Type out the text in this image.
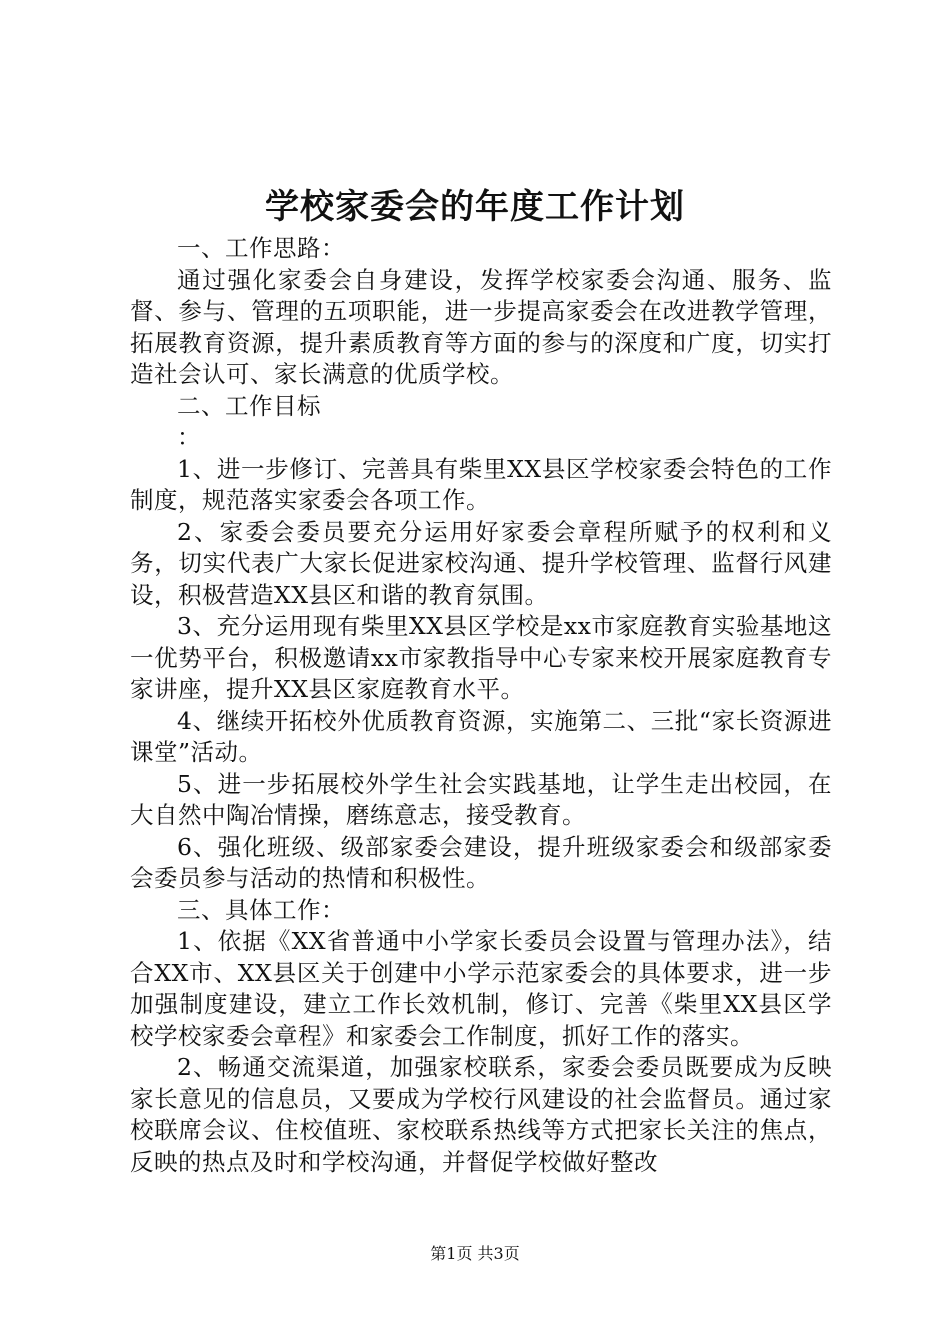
学校家委会的年度工作计划

一、工作思路：

通过强化家委会自身建设，发挥学校家委会沟通、服务、监督、参与、管理的五项职能，进一步提高家委会在改进教学管理，拓展教育资源，提升素质教育等方面的参与的深度和广度，切实打造社会认可、家长满意的优质学校。

二、工作目标

：

1、进一步修订、完善具有柴里XX县区学校家委会特色的工作制度，规范落实家委会各项工作。

2、家委会委员要充分运用好家委会章程所赋予的权利和义务，切实代表广大家长促进家校沟通、提升学校管理、监督行风建设，积极营造XX县区和谐的教育氛围。

3、充分运用现有柴里XX县区学校是xx市家庭教育实验基地这一优势平台，积极邀请xx市家教指导中心专家来校开展家庭教育专家讲座，提升XX县区家庭教育水平。

4、继续开拓校外优质教育资源，实施第二、三批“家长资源进课堂”活动。

5、进一步拓展校外学生社会实践基地，让学生走出校园，在大自然中陶冶情操，磨练意志，接受教育。

6、强化班级、级部家委会建设，提升班级家委会和级部家委会委员参与活动的热情和积极性。

三、具体工作：

1、依据《XX省普通中小学家长委员会设置与管理办法》，结合XX市、XX县区关于创建中小学示范家委会的具体要求，进一步加强制度建设，建立工作长效机制，修订、完善《柴里XX县区学校学校家委会章程》和家委会工作制度，抓好工作的落实。

2、畅通交流渠道，加强家校联系，家委会委员既要成为反映家长意见的信息员，又要成为学校行风建设的社会监督员。通过家校联席会议、住校值班、家校联系热线等方式把家长关注的焦点，反映的热点及时和学校沟通，并督促学校做好整改

第1页 共3页
